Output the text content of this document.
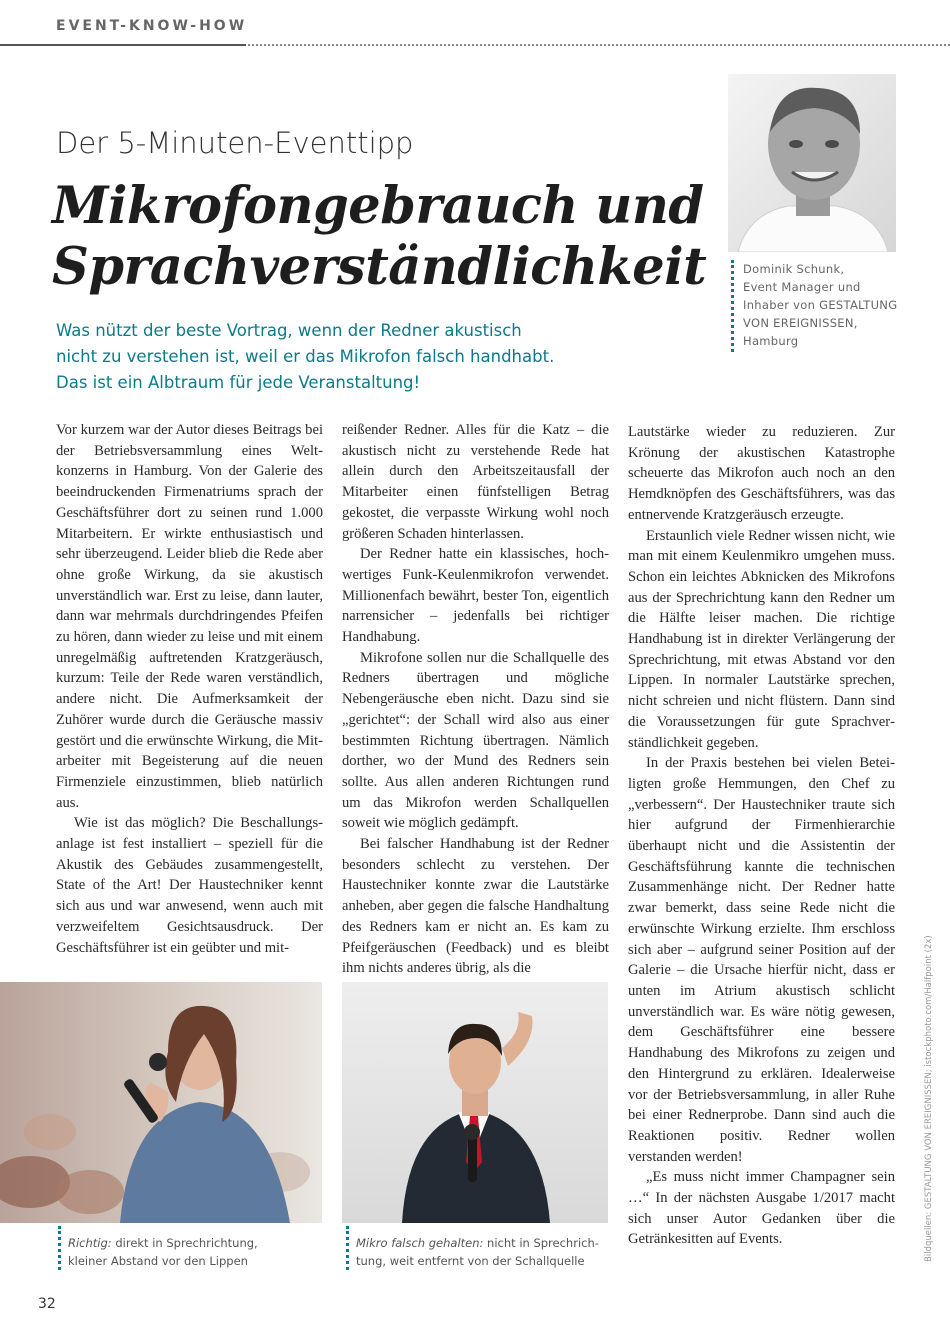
EVENT-KNOW-HOW
Der 5-Minuten-Eventtipp
Mikrofongebrauch und
Sprachverständlichkeit
Was nützt der beste Vortrag, wenn der Redner akustisch
nicht zu verstehen ist, weil er das Mikrofon falsch handhabt.
Das ist ein Albtraum für jede Veranstaltung!
Dominik Schunk,
Event Manager und
Inhaber von GESTALTUNG
VON EREIGNISSEN,
Hamburg

Vor kurzem war der Autor dieses Beitrags bei der Betriebsversammlung eines Weltkonzerns in Hamburg. Von der Galerie des beeindruckenden Firmenatriums sprach der Geschäftsführer dort zu seinen rund 1.000 Mitarbeitern. Er wirkte enthusiastisch und sehr überzeugend. Leider blieb die Rede aber ohne große Wirkung, da sie akustisch unverständlich war. Erst zu leise, dann lauter, dann war mehrmals durchdringendes Pfeifen zu hören, dann wieder zu leise und mit einem unregelmäßig auftretenden Kratzgeräusch, kurzum: Teile der Rede waren verständlich, andere nicht. Die Aufmerksamkeit der Zuhörer wurde durch die Geräusche massiv gestört und die erwünschte Wirkung, die Mitarbeiter mit Begeisterung auf die neuen Firmenziele einzustimmen, blieb natürlich aus.

Wie ist das möglich? Die Beschallungsanlage ist fest installiert – speziell für die Akustik des Gebäudes zusammengestellt, State of the Art! Der Haustechniker kennt sich aus und war anwesend, wenn auch mit verzweifeltem Gesichtsausdruck. Der Geschäftsführer ist ein geübter und mit-

reißender Redner. Alles für die Katz – die akustisch nicht zu verstehende Rede hat allein durch den Arbeitszeitausfall der Mitarbeiter einen fünfstelligen Betrag gekostet, die verpasste Wirkung wohl noch größeren Schaden hinterlassen.

Der Redner hatte ein klassisches, hochwertiges Funk-Keulenmikrofon verwendet. Millionenfach bewährt, bester Ton, eigentlich narrensicher – jedenfalls bei richtiger Handhabung.

Mikrofone sollen nur die Schallquelle des Redners übertragen und mögliche Nebengeräusche eben nicht. Dazu sind sie „gerichtet“: der Schall wird also aus einer bestimmten Richtung übertragen. Nämlich dorther, wo der Mund des Redners sein sollte. Aus allen anderen Richtungen rund um das Mikrofon werden Schallquellen soweit wie möglich gedämpft.

Bei falscher Handhabung ist der Redner besonders schlecht zu verstehen. Der Haustechniker konnte zwar die Lautstärke anheben, aber gegen die falsche Handhaltung des Redners kam er nicht an. Es kam zu Pfeifgeräuschen (Feedback) und es bleibt ihm nichts anderes übrig, als die

Lautstärke wieder zu reduzieren. Zur Krönung der akustischen Katastrophe scheuerte das Mikrofon auch noch an den Hemdknöpfen des Geschäftsführers, was das entnervende Kratzgeräusch erzeugte.

Erstaunlich viele Redner wissen nicht, wie man mit einem Keulenmikro umgehen muss. Schon ein leichtes Abknicken des Mikrofons aus der Sprechrichtung kann den Redner um die Hälfte leiser machen. Die richtige Handhabung ist in direkter Verlängerung der Sprechrichtung, mit etwas Abstand vor den Lippen. In normaler Lautstärke sprechen, nicht schreien und nicht flüstern. Dann sind die Voraussetzungen für gute Sprachverständlichkeit gegeben.

In der Praxis bestehen bei vielen Beteiligten große Hemmungen, den Chef zu „verbessern“. Der Haustechniker traute sich hier aufgrund der Firmenhierarchie überhaupt nicht und die Assistentin der Geschäftsführung kannte die technischen Zusammenhänge nicht. Der Redner hatte zwar bemerkt, dass seine Rede nicht die erwünschte Wirkung erzielte. Ihm erschloss sich aber – aufgrund seiner Position auf der Galerie – die Ursache hierfür nicht, dass er unten im Atrium akustisch schlicht unverständlich war. Es wäre nötig gewesen, dem Geschäftsführer eine bessere Handhabung des Mikrofons zu zeigen und den Hintergrund zu erklären. Idealerweise vor der Betriebsversammlung, in aller Ruhe bei einer Rednerprobe. Dann sind auch die Reaktionen positiv. Redner wollen verstanden werden!

„Es muss nicht immer Champagner sein …“ In der nächsten Ausgabe 1/2017 macht sich unser Autor Gedanken über die Getränkesitten auf Events.

Richtig: direkt in Sprechrichtung,
kleiner Abstand vor den Lippen
Mikro falsch gehalten: nicht in Sprechrich-
tung, weit entfernt von der Schallquelle
32
Bildquellen: GESTALTUNG VON EREIGNISSEN; istockphoto.com/Halfpoint (2x)
